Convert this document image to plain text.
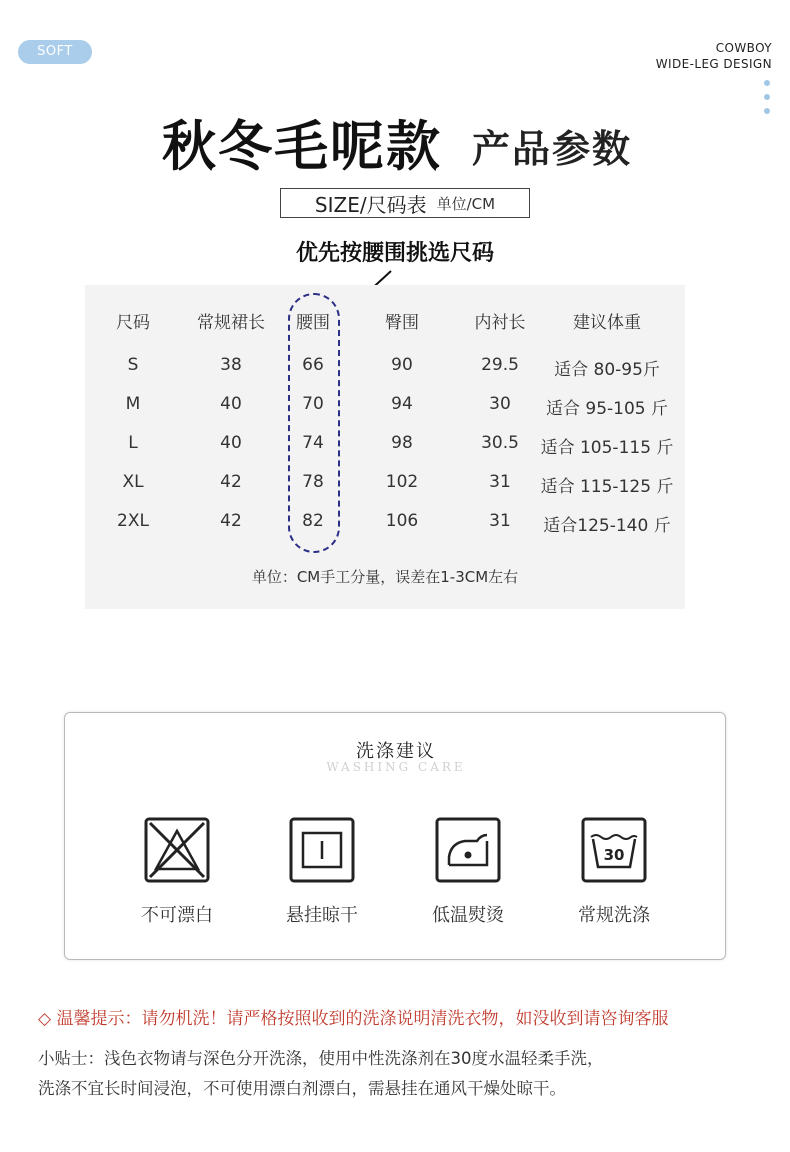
SOFT	COWBOY
WIDE-LEG DESIGN
秋冬毛呢款 产品参数
SIZE/尺码表 单位/CM
优先按腰围挑选尺码
尺码	常规裙长 腰围	臀围	内衬长	建议体重
S	38	66	90	29.5 适合 80-95斤
M	40	70	94	30 适合 95-105 斤
L	40	74	98	30.5 适合 105-115 斤
XL	42	78	102	31 适合 115-125 斤
2XL	42	82	106	31 适合125-140 斤
单位：CM手工分量，误差在1-3CM左右
洗涤建议
WASHING CARE
不可漂白	悬挂晾干	低温熨烫
30
常规洗涤
◇ 温馨提示：请勿机洗！请严格按照收到的洗涤说明清洗衣物，如没收到请咨询客服
小贴士：浅色衣物请与深色分开洗涤，使用中性洗涤剂在30度水温轻柔手洗，
洗涤不宜长时间浸泡，不可使用漂白剂漂白，需悬挂在通风干燥处晾干。
